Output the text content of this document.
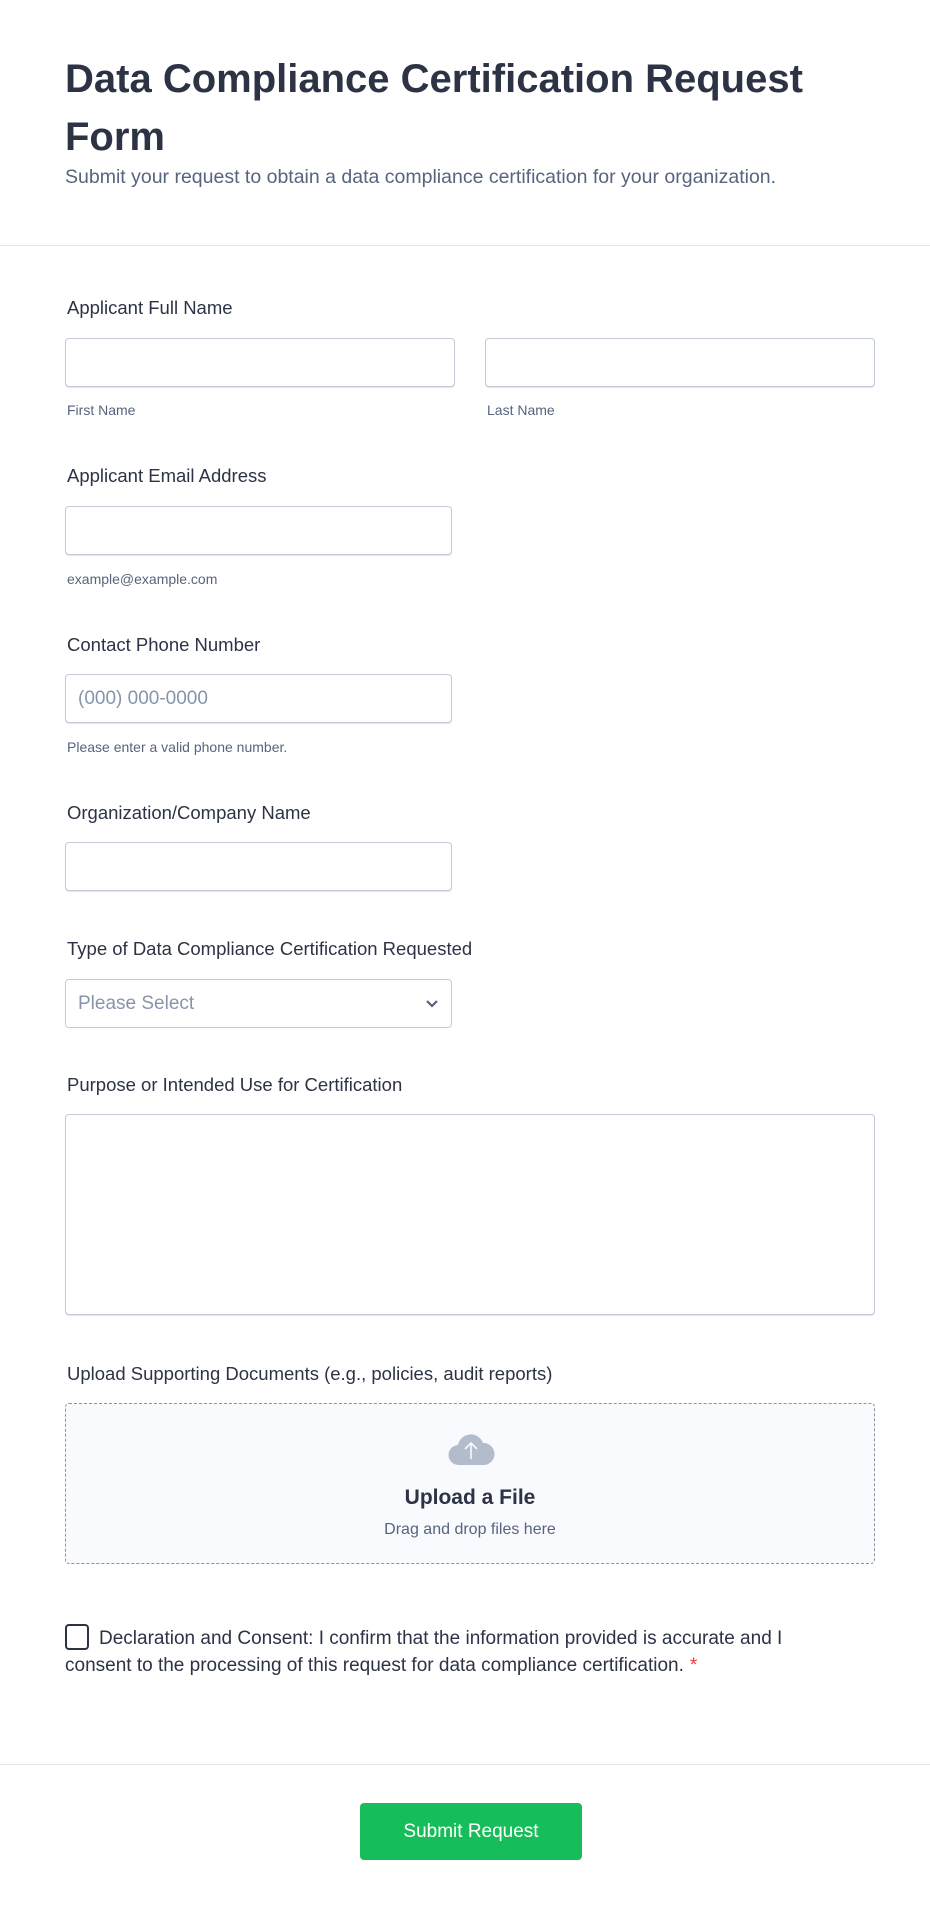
Data Compliance Certification Request Form

Submit your request to obtain a data compliance certification for your organization.

Applicant Full Name
First Name	Last Name
Applicant Email Address
example@example.com
Contact Phone Number
(000) 000-0000
Please enter a valid phone number.
Organization/Company Name
Type of Data Compliance Certification Requested
Please Select
Purpose or Intended Use for Certification
Upload Supporting Documents (e.g., policies, audit reports)
Upload a File
Drag and drop files here
Declaration and Consent: I confirm that the information provided is accurate and I consent to the processing of this request for data compliance certification. *
Submit Request
